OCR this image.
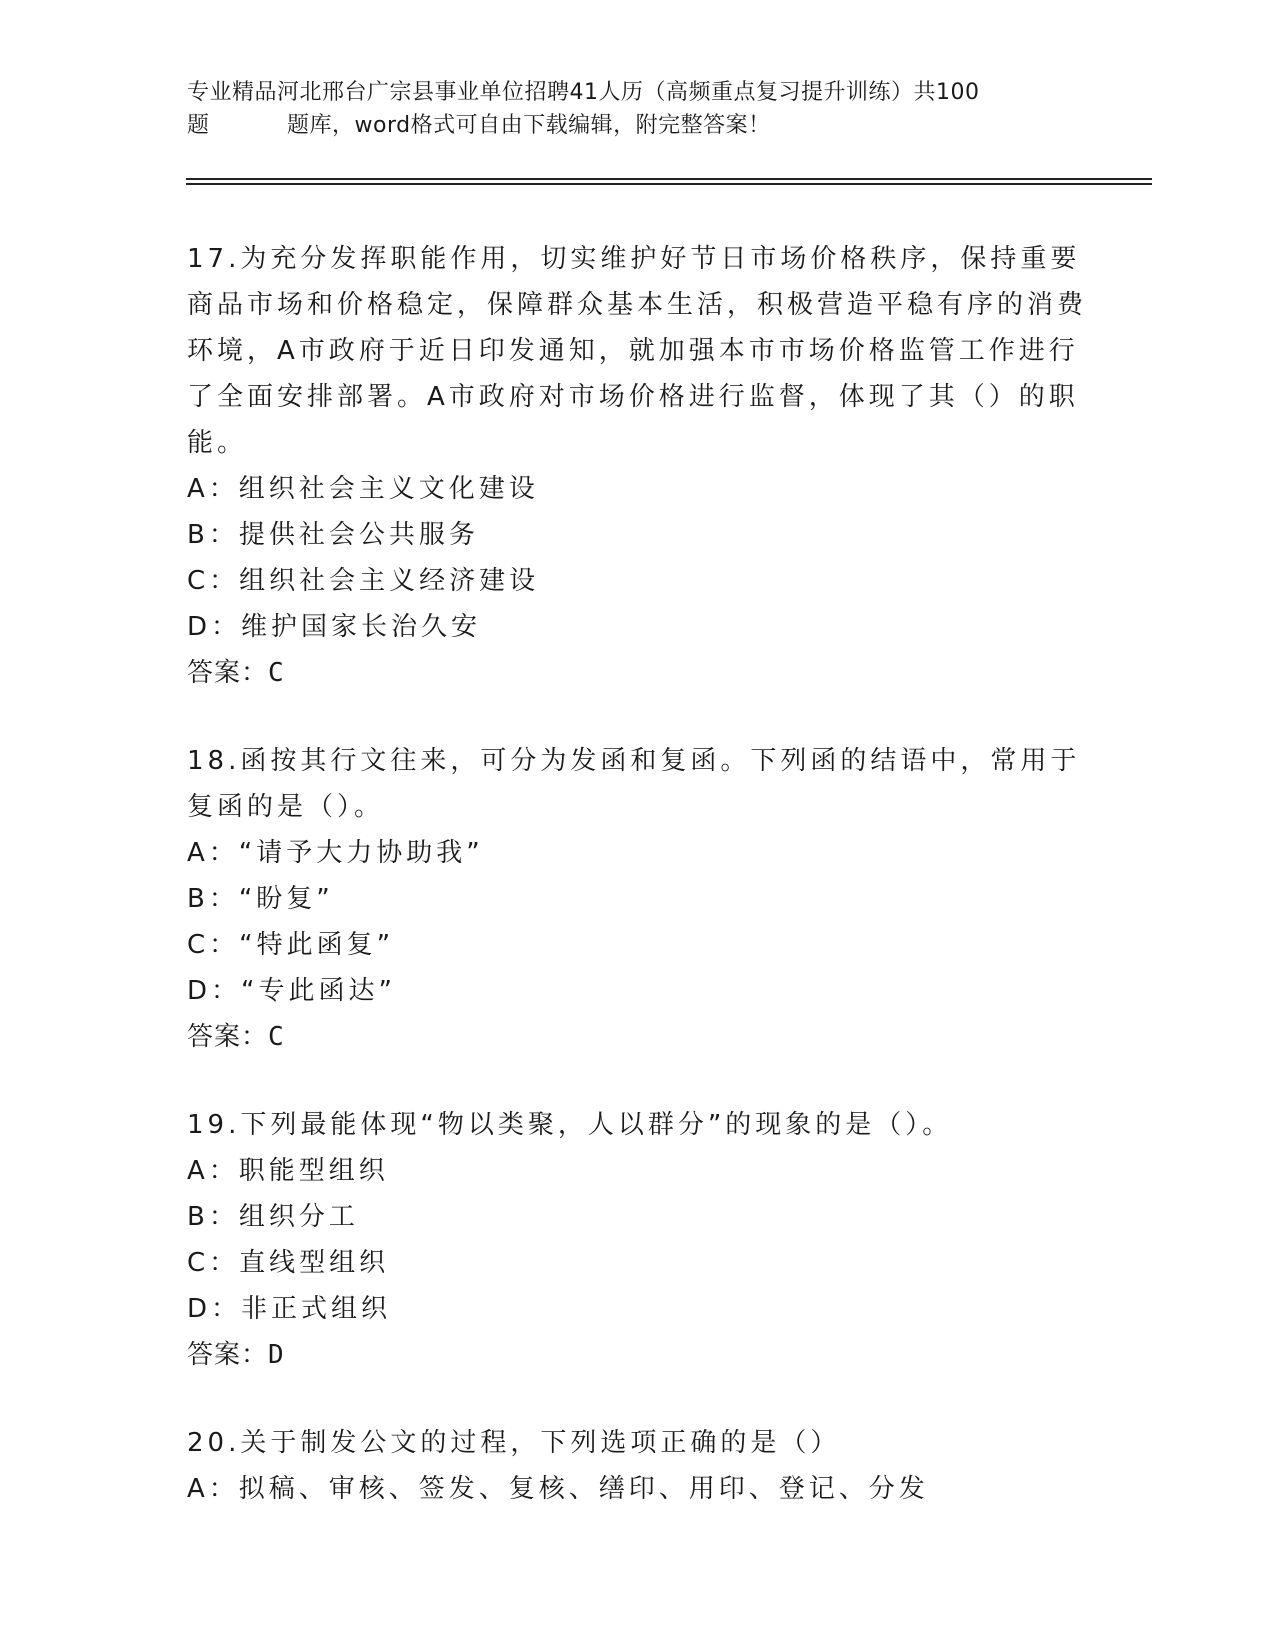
专业精品河北邢台广宗县事业单位招聘41人历（高频重点复习提升训练）共100
题	题库，word格式可自由下载编辑，附完整答案！

17.为充分发挥职能作用，切实维护好节日市场价格秩序，保持重要商品市场和价格稳定，保障群众基本生活，积极营造平稳有序的消费环境，A市政府于近日印发通知，就加强本市市场价格监管工作进行了全面安排部署。A市政府对市场价格进行监督，体现了其（）的职能。

A：组织社会主义文化建设

B：提供社会公共服务

C：组织社会主义经济建设

D：维护国家长治久安

答案：C

18.函按其行文往来，可分为发函和复函。下列函的结语中，常用于复函的是（）。

A：“请予大力协助我”

B：“盼复”

C：“特此函复”

D：“专此函达”

答案：C

19.下列最能体现“物以类聚，人以群分”的现象的是（）。

A：职能型组织

B：组织分工

C：直线型组织

D：非正式组织

答案：D

20.关于制发公文的过程，下列选项正确的是（）

A：拟稿、审核、签发、复核、缮印、用印、登记、分发
